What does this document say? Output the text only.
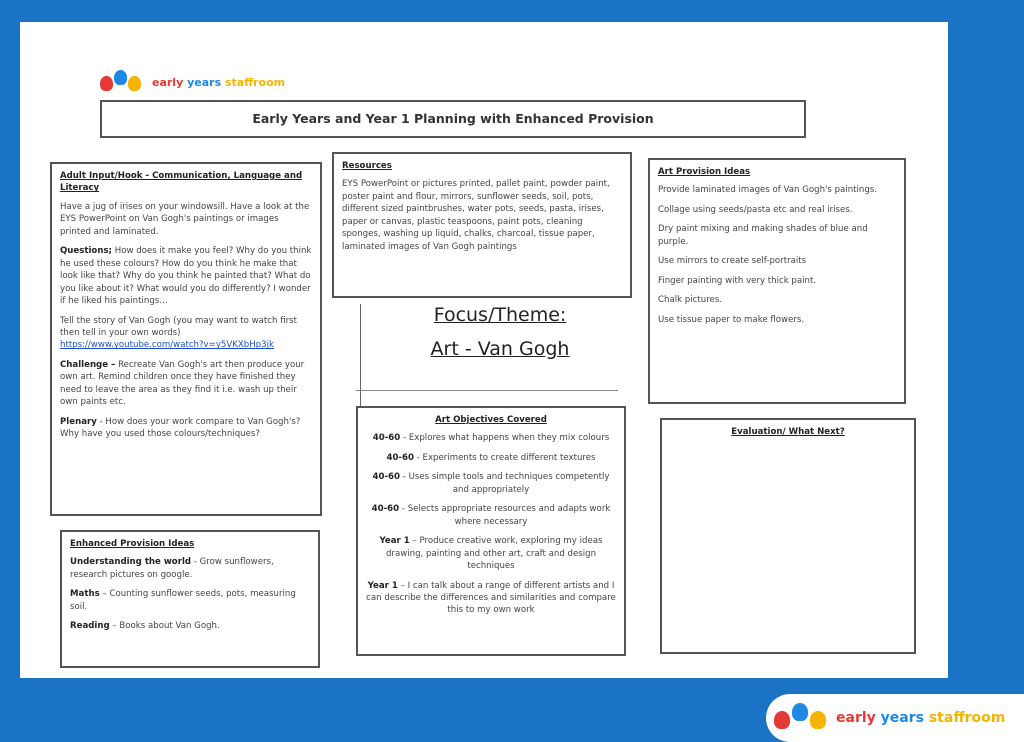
early years staffroom
Early Years and Year 1 Planning with Enhanced Provision
Adult Input/Hook - Communication, Language and Literacy

Have a jug of irises on your windowsill. Have a look at the EYS PowerPoint on Van Gogh's paintings or images printed and laminated.

Questions; How does it make you feel? Why do you think he used these colours? How do you think he make that look like that? Why do you think he painted that? What do you like about it? What would you do differently? I wonder if he liked his paintings…

Tell the story of Van Gogh (you may want to watch first then tell in your own words)
https://www.youtube.com/watch?v=y5VKXbHp3jk

Challenge – Recreate Van Gogh's art then produce your own art. Remind children once they have finished they need to leave the area as they find it i.e. wash up their own paints etc.

Plenary - How does your work compare to Van Gogh's? Why have you used those colours/techniques?

Resources

EYS PowerPoint or pictures printed, pallet paint, powder paint, poster paint and flour, mirrors, sunflower seeds, soil, pots, different sized paintbrushes, water pots, seeds, pasta, irises, paper or canvas, plastic teaspoons, paint pots, cleaning sponges, washing up liquid, chalks, charcoal, tissue paper, laminated images of Van Gogh paintings

Focus/Theme:
Art - Van Gogh
Art Provision Ideas

Provide laminated images of Van Gogh's paintings.

Collage using seeds/pasta etc and real irises.

Dry paint mixing and making shades of blue and purple.

Use mirrors to create self-portraits

Finger painting with very thick paint.

Chalk pictures.

Use tissue paper to make flowers.

Art Objectives Covered

40-60 - Explores what happens when they mix colours

40-60 - Experiments to create different textures

40-60 - Uses simple tools and techniques competently and appropriately

40-60 - Selects appropriate resources and adapts work where necessary

Year 1 – Produce creative work, exploring my ideas drawing, painting and other art, craft and design techniques

Year 1 – I can talk about a range of different artists and I can describe the differences and similarities and compare this to my own work

Evaluation/ What Next?
Enhanced Provision Ideas

Understanding the world - Grow sunflowers, research pictures on google.

Maths – Counting sunflower seeds, pots, measuring soil.

Reading – Books about Van Gogh.

early years staffroom
